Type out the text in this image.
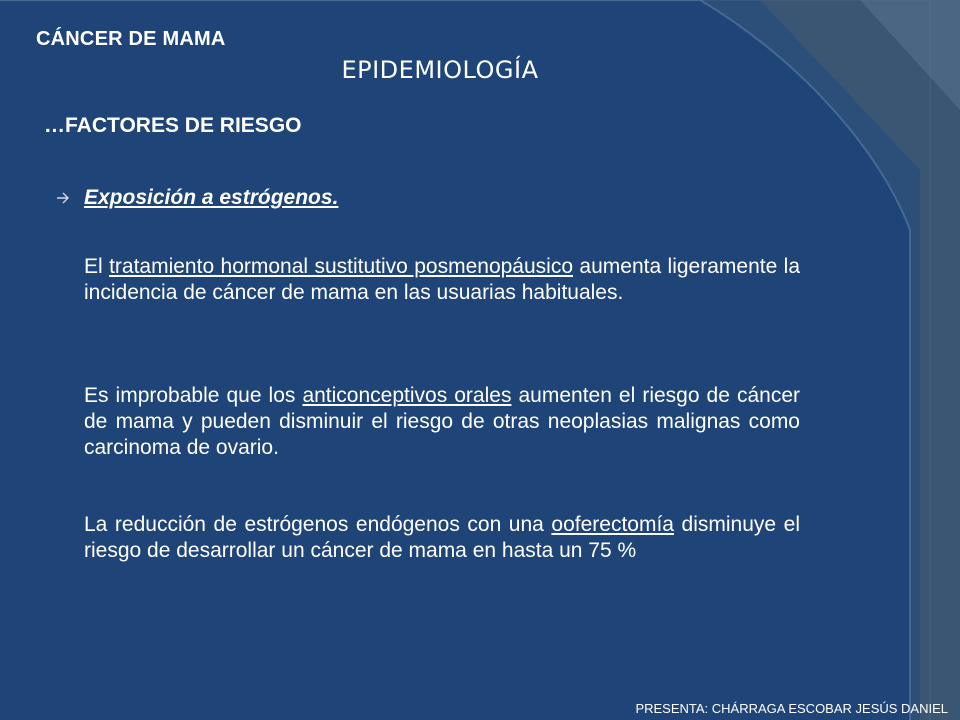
CÁNCER DE MAMA
EPIDEMIOLOGÍA
…FACTORES DE RIESGO
Exposición a estrógenos.
El tratamiento hormonal sustitutivo posmenopáusico aumenta ligeramente la incidencia de cáncer de mama en las usuarias habituales.
Es improbable que los anticonceptivos orales aumenten el riesgo de cáncer de mama y pueden disminuir el riesgo de otras neoplasias malignas como carcinoma de ovario.
La reducción de estrógenos endógenos con una ooferectomía disminuye el riesgo de desarrollar un cáncer de mama en hasta un 75 %
PRESENTA: CHÁRRAGA ESCOBAR JESÚS DANIEL
